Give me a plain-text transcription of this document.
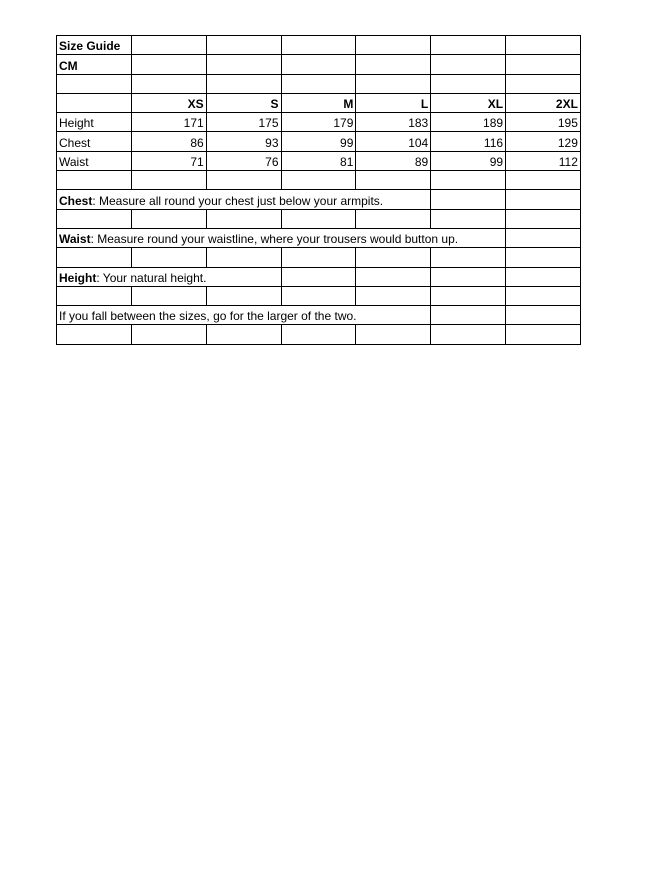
Size Guide						
CM						

	XS	S	M	L	XL	2XL
Height	171	175	179	183	189	195
Chest	86	93	99	104	116	129
Waist	71	76	81	89	99	112

Chest: Measure all round your chest just below your armpits.						

Waist: Measure round your waistline, where your trousers would button up.						

Height: Your natural height.						

If you fall between the sizes, go for the larger of the two.						
